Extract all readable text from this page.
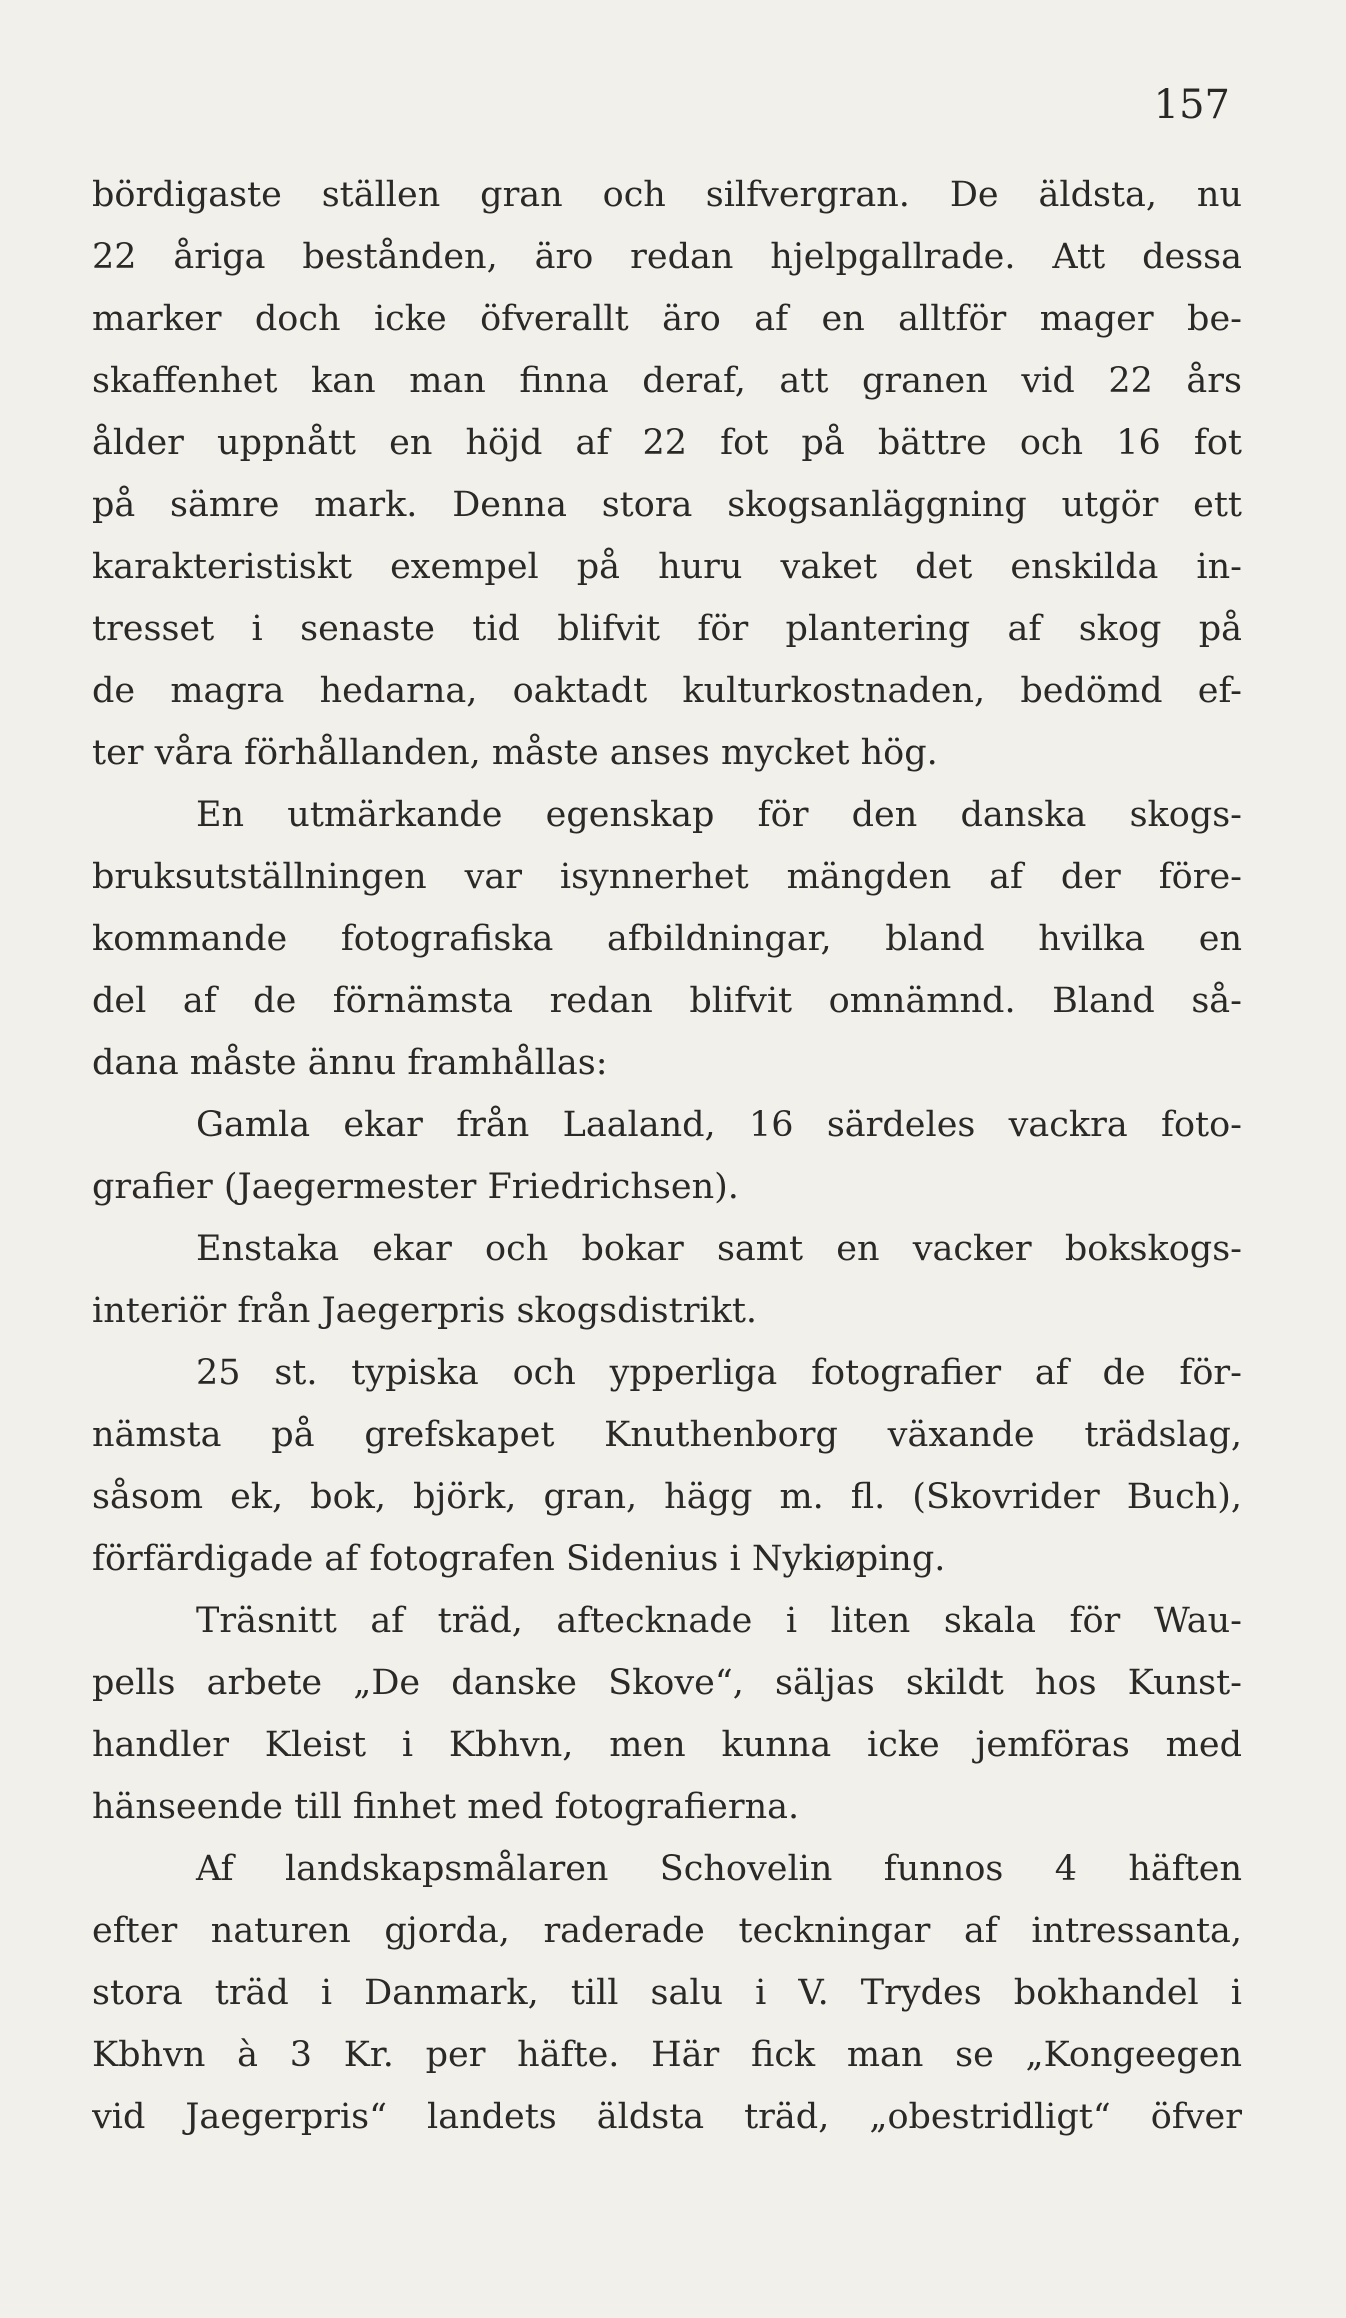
157
bördigaste ställen gran och silfvergran. De äldsta, nu
22 åriga bestånden, äro redan hjelpgallrade. Att dessa
marker doch icke öfverallt äro af en alltför mager be-
skaffenhet kan man finna deraf, att granen vid 22 års
ålder uppnått en höjd af 22 fot på bättre och 16 fot
på sämre mark. Denna stora skogsanläggning utgör ett
karakteristiskt exempel på huru vaket det enskilda in-
tresset i senaste tid blifvit för plantering af skog på
de magra hedarna, oaktadt kulturkostnaden, bedömd ef-
ter våra förhållanden, måste anses mycket hög.
En utmärkande egenskap för den danska skogs-
bruksutställningen var isynnerhet mängden af der före-
kommande fotografiska afbildningar, bland hvilka en
del af de förnämsta redan blifvit omnämnd. Bland så-
dana måste ännu framhållas:
Gamla ekar från Laaland, 16 särdeles vackra foto-
grafier (Jaegermester Friedrichsen).
Enstaka ekar och bokar samt en vacker bokskogs-
interiör från Jaegerpris skogsdistrikt.
25 st. typiska och ypperliga fotografier af de för-
nämsta på grefskapet Knuthenborg växande trädslag,
såsom ek, bok, björk, gran, hägg m. fl. (Skovrider Buch),
förfärdigade af fotografen Sidenius i Nykiøping.
Träsnitt af träd, aftecknade i liten skala för Wau-
pells arbete „De danske Skove“, säljas skildt hos Kunst-
handler Kleist i Kbhvn, men kunna icke jemföras med
hänseende till finhet med fotografierna.
Af landskapsmålaren Schovelin funnos 4 häften
efter naturen gjorda, raderade teckningar af intressanta,
stora träd i Danmark, till salu i V. Trydes bokhandel i
Kbhvn à 3 Kr. per häfte. Här fick man se „Kongeegen
vid Jaegerpris“ landets äldsta träd, „obestridligt“ öfver
